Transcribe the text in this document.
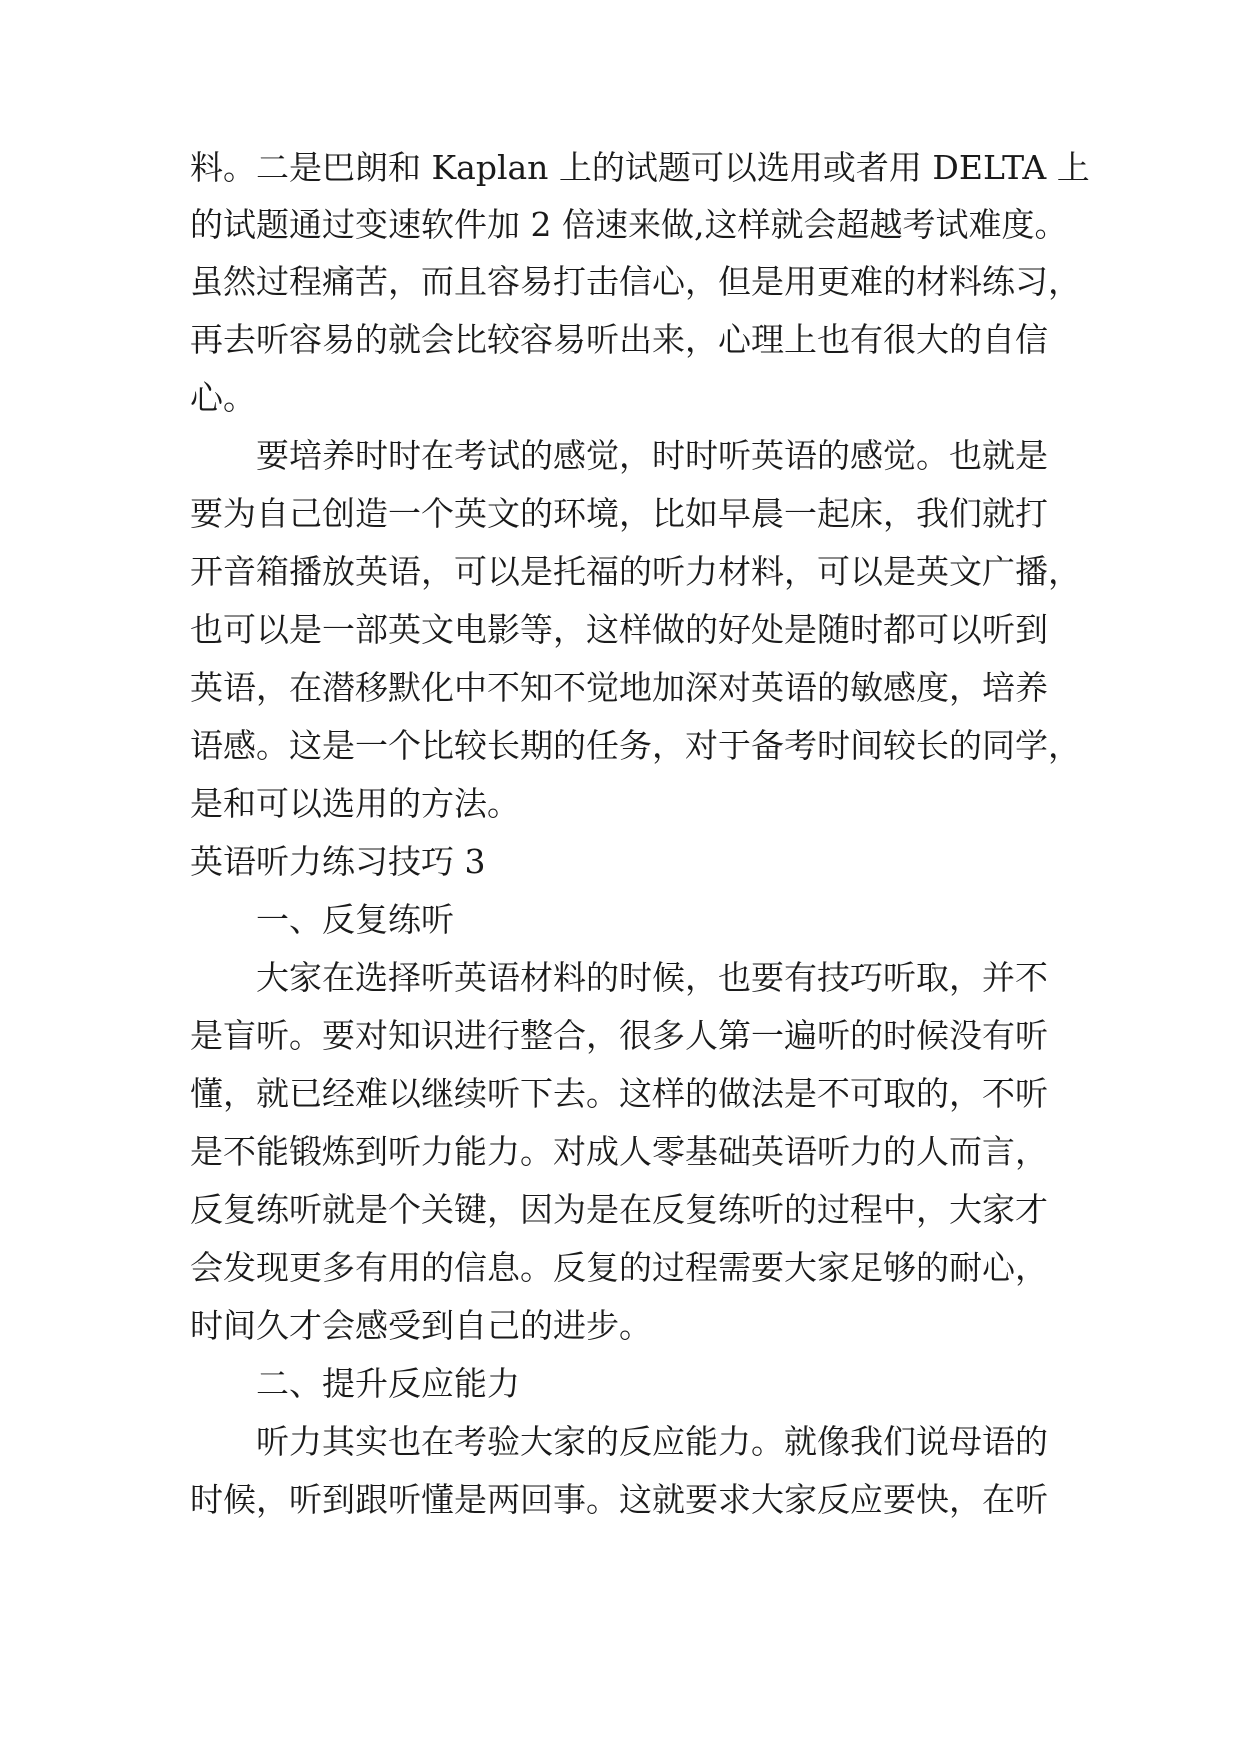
料。二是巴朗和 Kaplan 上的试题可以选用或者用 DELTA 上

的试题通过变速软件加 2 倍速来做,这样就会超越考试难度。

虽然过程痛苦，而且容易打击信心，但是用更难的材料练习，

再去听容易的就会比较容易听出来，心理上也有很大的自信

心。

要培养时时在考试的感觉，时时听英语的感觉。也就是

要为自己创造一个英文的环境，比如早晨一起床，我们就打

开音箱播放英语，可以是托福的听力材料，可以是英文广播，

也可以是一部英文电影等，这样做的好处是随时都可以听到

英语，在潜移默化中不知不觉地加深对英语的敏感度，培养

语感。这是一个比较长期的任务，对于备考时间较长的同学，

是和可以选用的方法。

英语听力练习技巧 3

一、反复练听

大家在选择听英语材料的时候，也要有技巧听取，并不

是盲听。要对知识进行整合，很多人第一遍听的时候没有听

懂，就已经难以继续听下去。这样的做法是不可取的，不听

是不能锻炼到听力能力。对成人零基础英语听力的人而言，

反复练听就是个关键，因为是在反复练听的过程中，大家才

会发现更多有用的信息。反复的过程需要大家足够的耐心，

时间久才会感受到自己的进步。

二、提升反应能力

听力其实也在考验大家的反应能力。就像我们说母语的

时候，听到跟听懂是两回事。这就要求大家反应要快，在听
